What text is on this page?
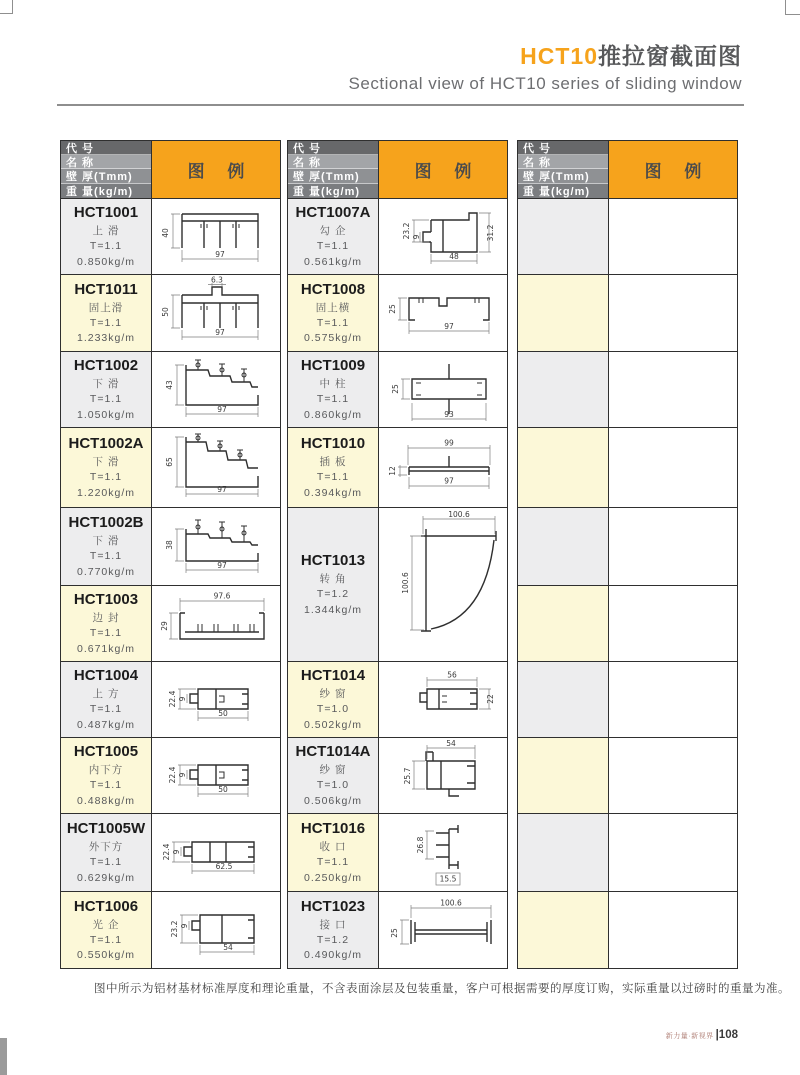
HCT10推拉窗截面图
Sectional view of HCT10 series of sliding window
代 号
名 称
壁 厚(Tmm)
重 量(kg/m)
图 例
HCT1001
上 滑
T=1.1
0.850kg/m
40
97
HCT1011
固上滑
T=1.1
1.233kg/m
6.3
50
97
HCT1002
下 滑
T=1.1
1.050kg/m
43
97
HCT1002A
下 滑
T=1.1
1.220kg/m
65
97
HCT1002B
下 滑
T=1.1
0.770kg/m
38
97
HCT1003
边 封
T=1.1
0.671kg/m
97.6
29
HCT1004
上 方
T=1.1
0.487kg/m
22.4 9
50
HCT1005
内下方
T=1.1
0.488kg/m
22.4 9
50
HCT1005W
外下方
T=1.1
0.629kg/m
22.4 9
62.5
HCT1006
光 企
T=1.1
0.550kg/m
23.2 9
54
代 号
名 称
壁 厚(Tmm)
重 量(kg/m)
图 例
HCT1007A
勾 企
T=1.1
0.561kg/m
23.2 9	31.2
48
HCT1008
固上横
T=1.1
0.575kg/m
25
97
HCT1009
中 柱
T=1.1
0.860kg/m
25
93
HCT1010
插 板
T=1.1
0.394kg/m
99
12
97
HCT1013
转 角
T=1.2
1.344kg/m
100.6
100.6
HCT1014
纱 窗
T=1.0
0.502kg/m
56
22
HCT1014A
纱 窗
T=1.0
0.506kg/m
54
25.7
HCT1016
收 口
T=1.1
0.250kg/m
26.8
15.5
HCT1023
接 口
T=1.2
0.490kg/m
100.6
25
代 号
名 称
壁 厚(Tmm)
重 量(kg/m)
图 例

图中所示为铝材基材标准厚度和理论重量，不含表面涂层及包装重量，客户可根据需要的厚度订购，实际重量以过磅时的重量为准。

新力量·新视界 |108
